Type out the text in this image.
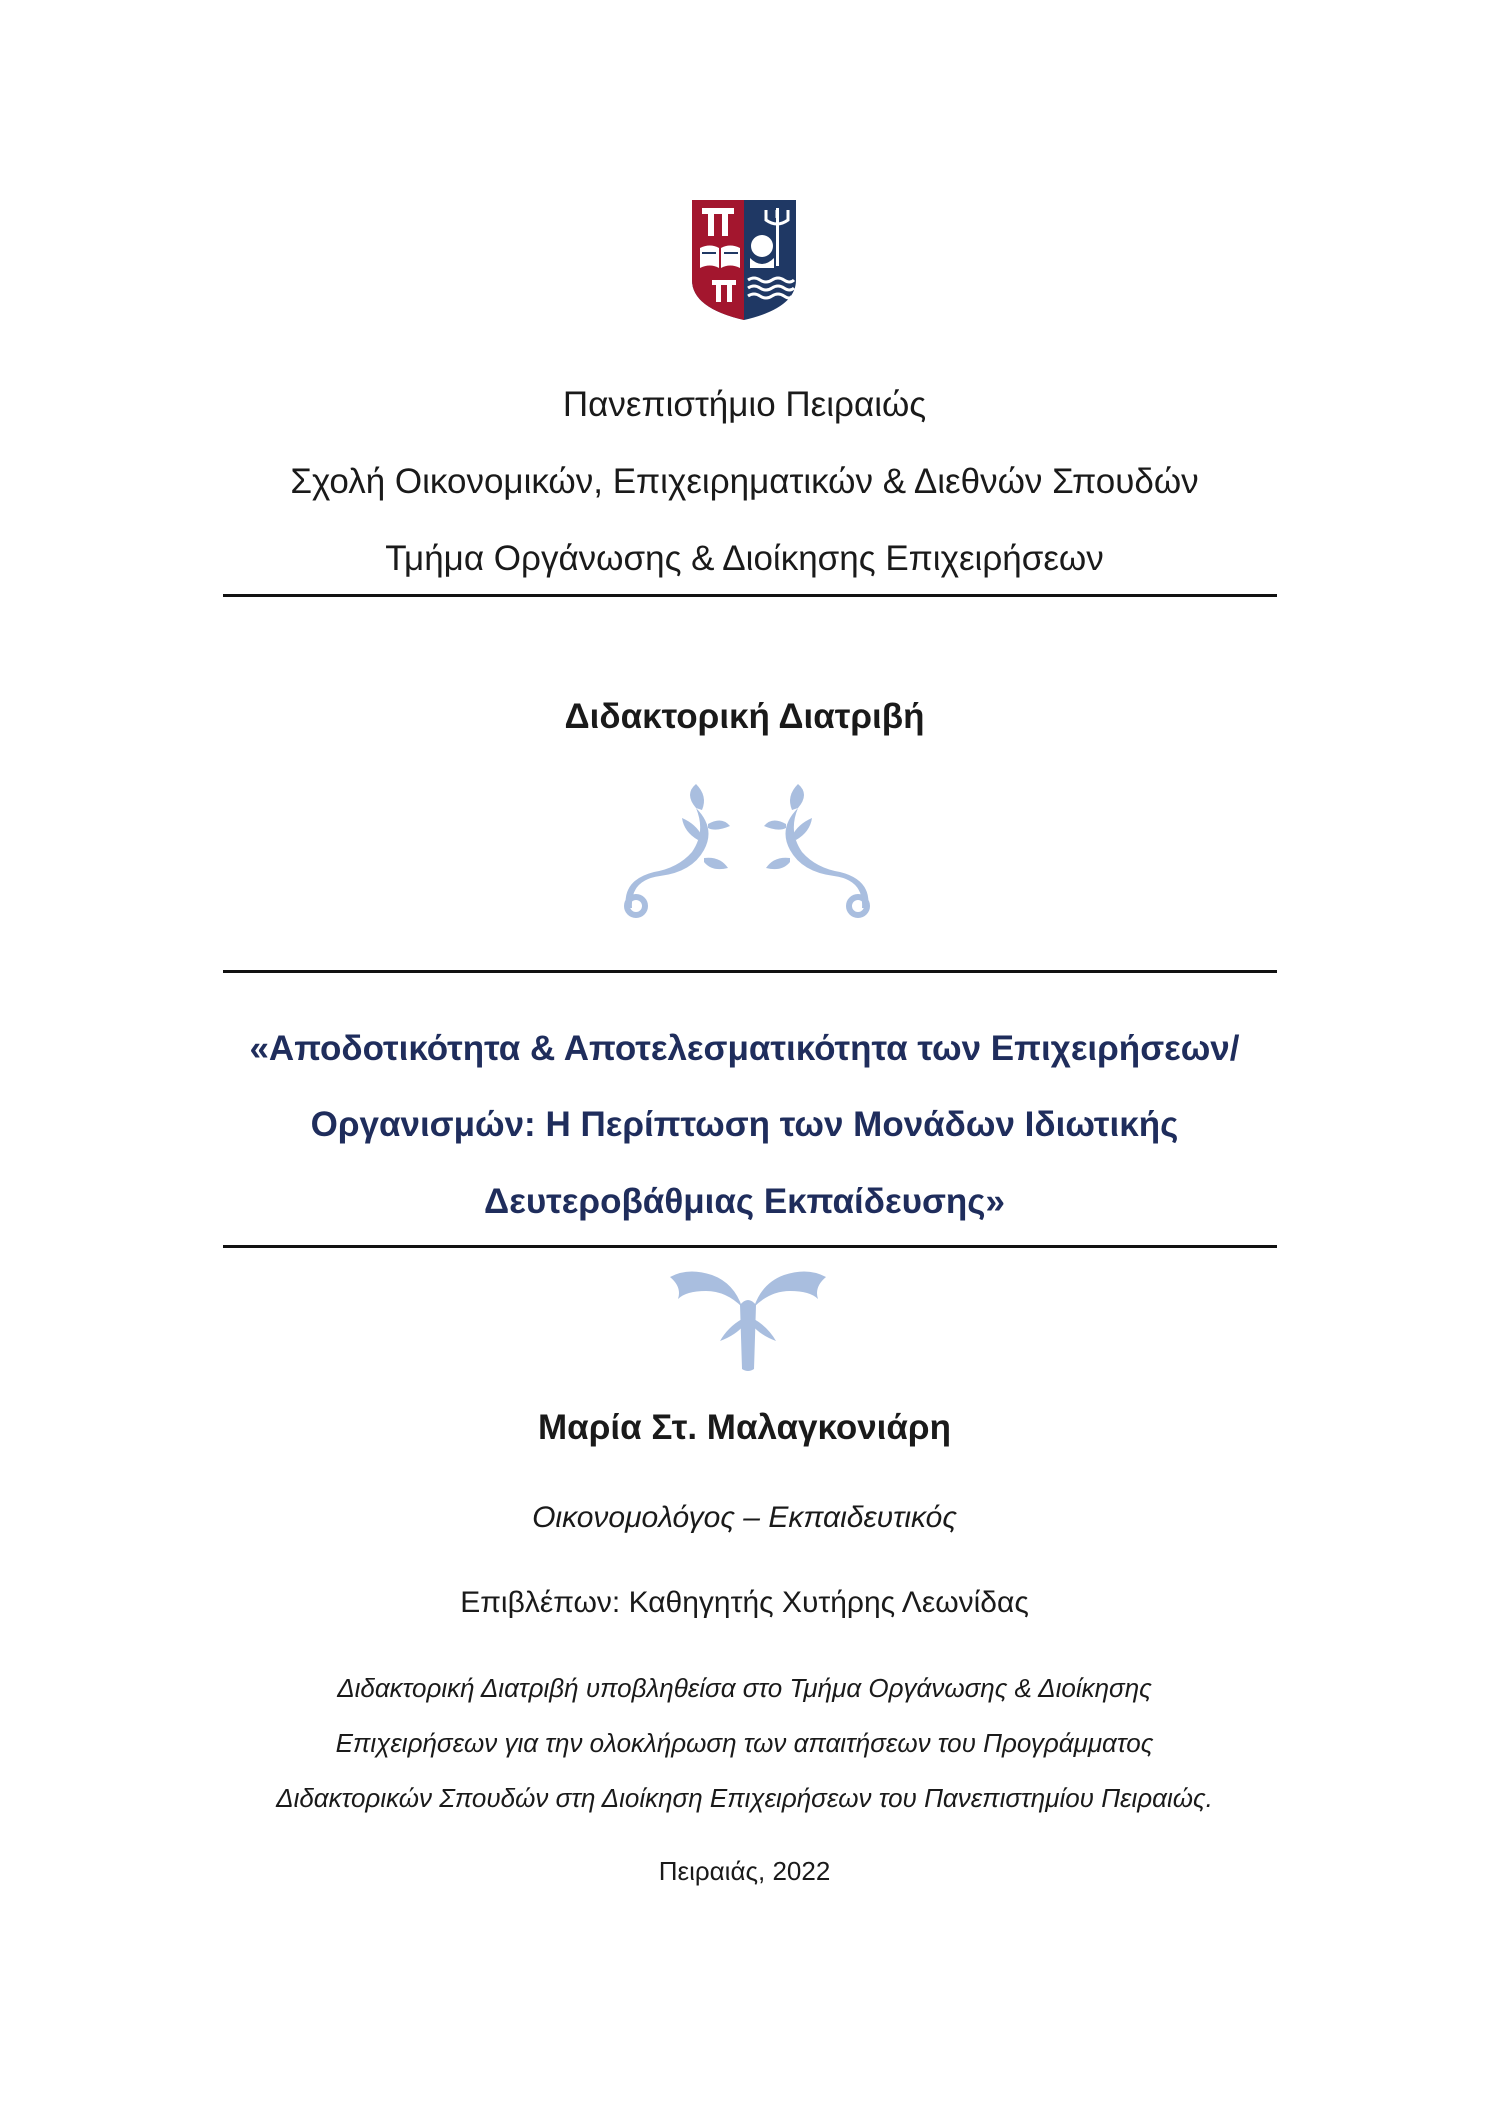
Πανεπιστήμιο Πειραιώς
Σχολή Οικονομικών, Επιχειρηματικών & Διεθνών Σπουδών
Τμήμα Οργάνωσης & Διοίκησης Επιχειρήσεων
Διδακτορική Διατριβή
«Αποδοτικότητα & Αποτελεσματικότητα των Επιχειρήσεων/
Οργανισμών: Η Περίπτωση των Μονάδων Ιδιωτικής
Δευτεροβάθμιας Εκπαίδευσης»
Μαρία Στ. Μαλαγκονιάρη
Οικονομολόγος – Εκπαιδευτικός
Επιβλέπων: Καθηγητής Χυτήρης Λεωνίδας
Διδακτορική Διατριβή υποβληθείσα στο Τμήμα Οργάνωσης & Διοίκησης
Επιχειρήσεων για την ολοκλήρωση των απαιτήσεων του Προγράμματος
Διδακτορικών Σπουδών στη Διοίκηση Επιχειρήσεων του Πανεπιστημίου Πειραιώς.
Πειραιάς, 2022
